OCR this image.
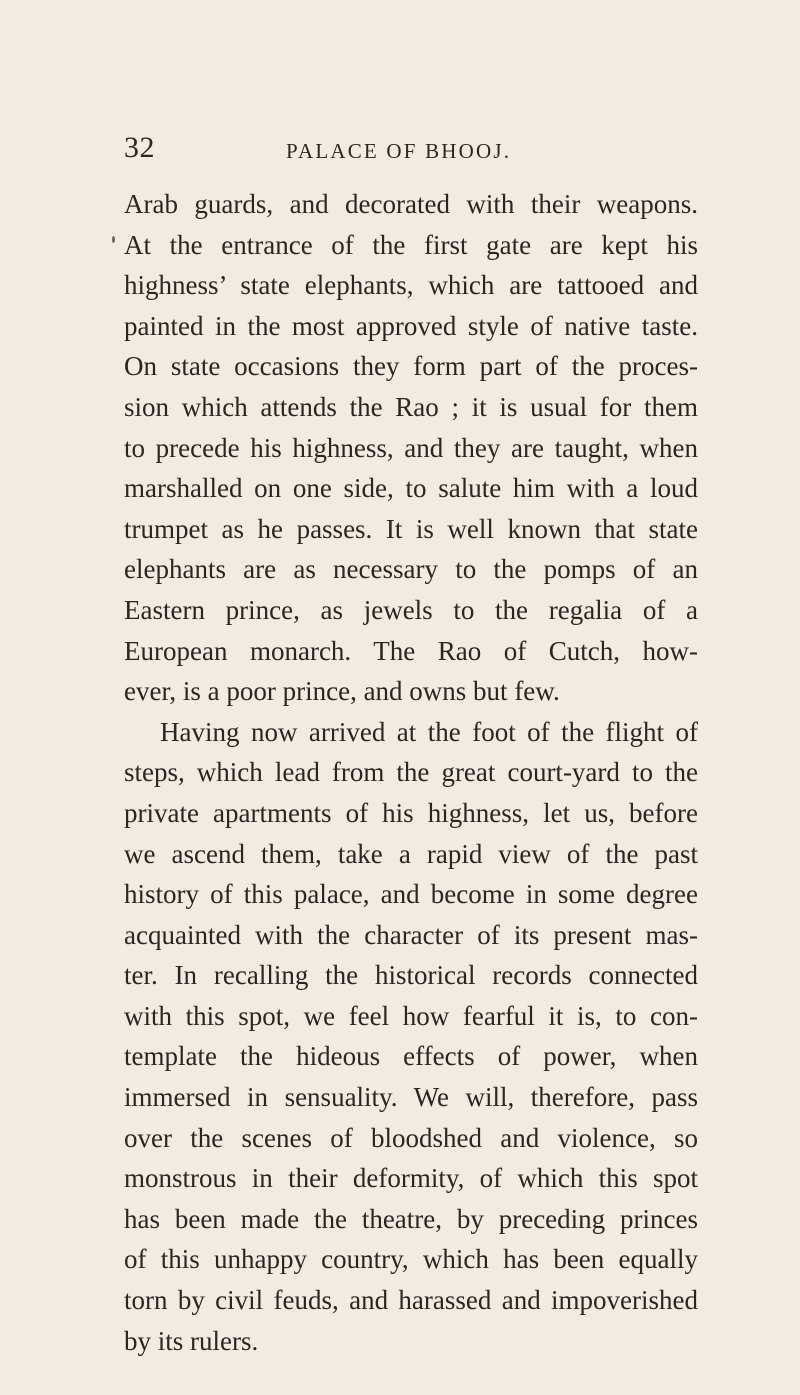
32	PALACE OF BHOOJ.
Arab guards, and decorated with their weapons.
At the entrance of the first gate are kept his
highness’ state elephants, which are tattooed and
painted in the most approved style of native taste.
On state occasions they form part of the proces-
sion which attends the Rao ; it is usual for them
to precede his highness, and they are taught, when
marshalled on one side, to salute him with a loud
trumpet as he passes. It is well known that state
elephants are as necessary to the pomps of an
Eastern prince, as jewels to the regalia of a
European monarch. The Rao of Cutch, how-
ever, is a poor prince, and owns but few.
Having now arrived at the foot of the flight of
steps, which lead from the great court-yard to the
private apartments of his highness, let us, before
we ascend them, take a rapid view of the past
history of this palace, and become in some degree
acquainted with the character of its present mas-
ter. In recalling the historical records connected
with this spot, we feel how fearful it is, to con-
template the hideous effects of power, when
immersed in sensuality. We will, therefore, pass
over the scenes of bloodshed and violence, so
monstrous in their deformity, of which this spot
has been made the theatre, by preceding princes
of this unhappy country, which has been equally
torn by civil feuds, and harassed and impoverished
by its rulers.
